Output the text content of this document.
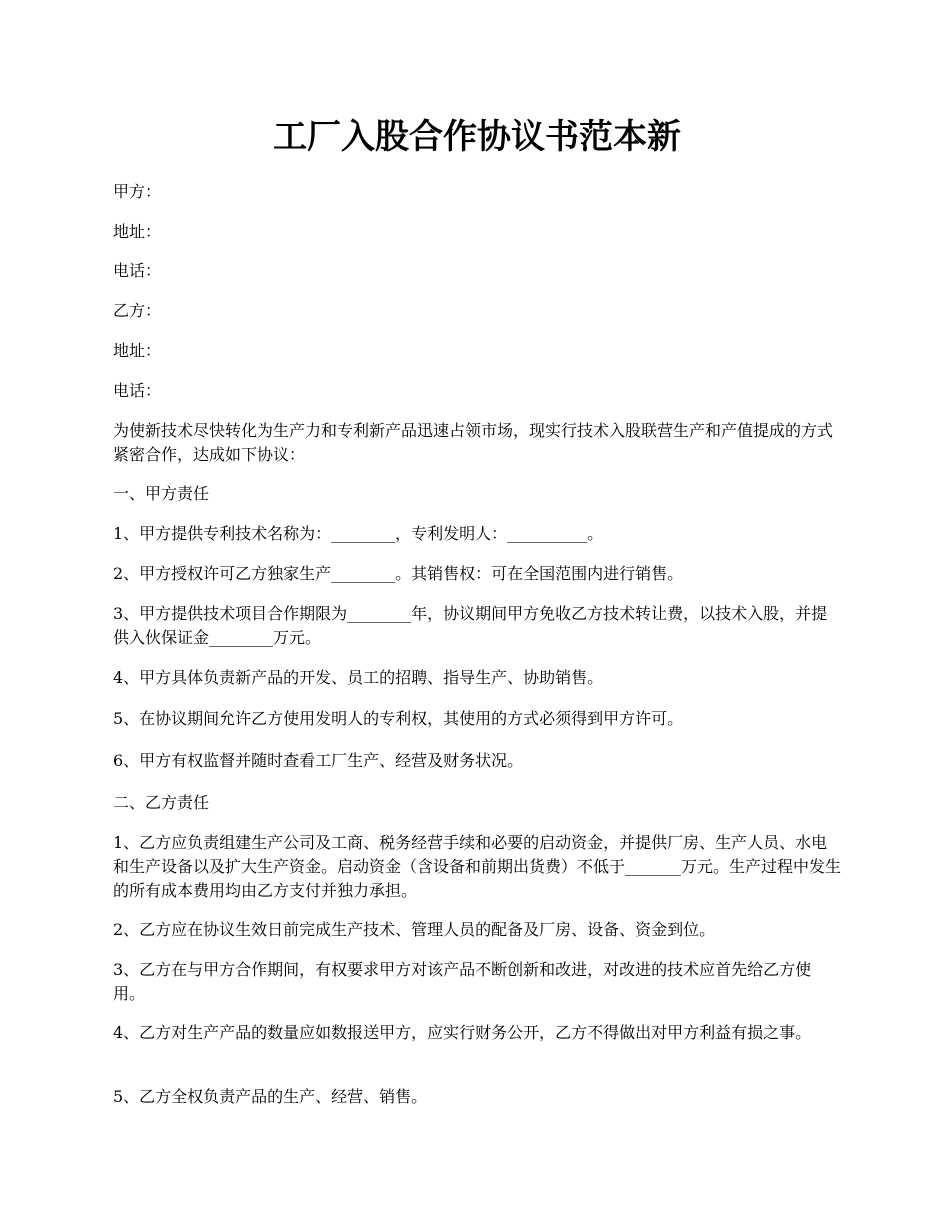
工厂入股合作协议书范本新

甲方：

地址：

电话：

乙方：

地址：

电话：

为使新技术尽快转化为生产力和专利新产品迅速占领市场，现实行技术入股联营生产和产值提成的方式紧密合作，达成如下协议：

一、甲方责任

1、甲方提供专利技术名称为：________，专利发明人：__________。

2、甲方授权许可乙方独家生产________。其销售权：可在全国范围内进行销售。

3、甲方提供技术项目合作期限为________年，协议期间甲方免收乙方技术转让费，以技术入股，并提供入伙保证金________万元。

4、甲方具体负责新产品的开发、员工的招聘、指导生产、协助销售。

5、在协议期间允许乙方使用发明人的专利权，其使用的方式必须得到甲方许可。

6、甲方有权监督并随时查看工厂生产、经营及财务状况。

二、乙方责任

1、乙方应负责组建生产公司及工商、税务经营手续和必要的启动资金，并提供厂房、生产人员、水电和生产设备以及扩大生产资金。启动资金（含设备和前期出货费）不低于_______万元。生产过程中发生的所有成本费用均由乙方支付并独力承担。

2、乙方应在协议生效日前完成生产技术、管理人员的配备及厂房、设备、资金到位。

3、乙方在与甲方合作期间，有权要求甲方对该产品不断创新和改进，对改进的技术应首先给乙方使用。

4、乙方对生产产品的数量应如数报送甲方，应实行财务公开，乙方不得做出对甲方利益有损之事。

5、乙方全权负责产品的生产、经营、销售。
